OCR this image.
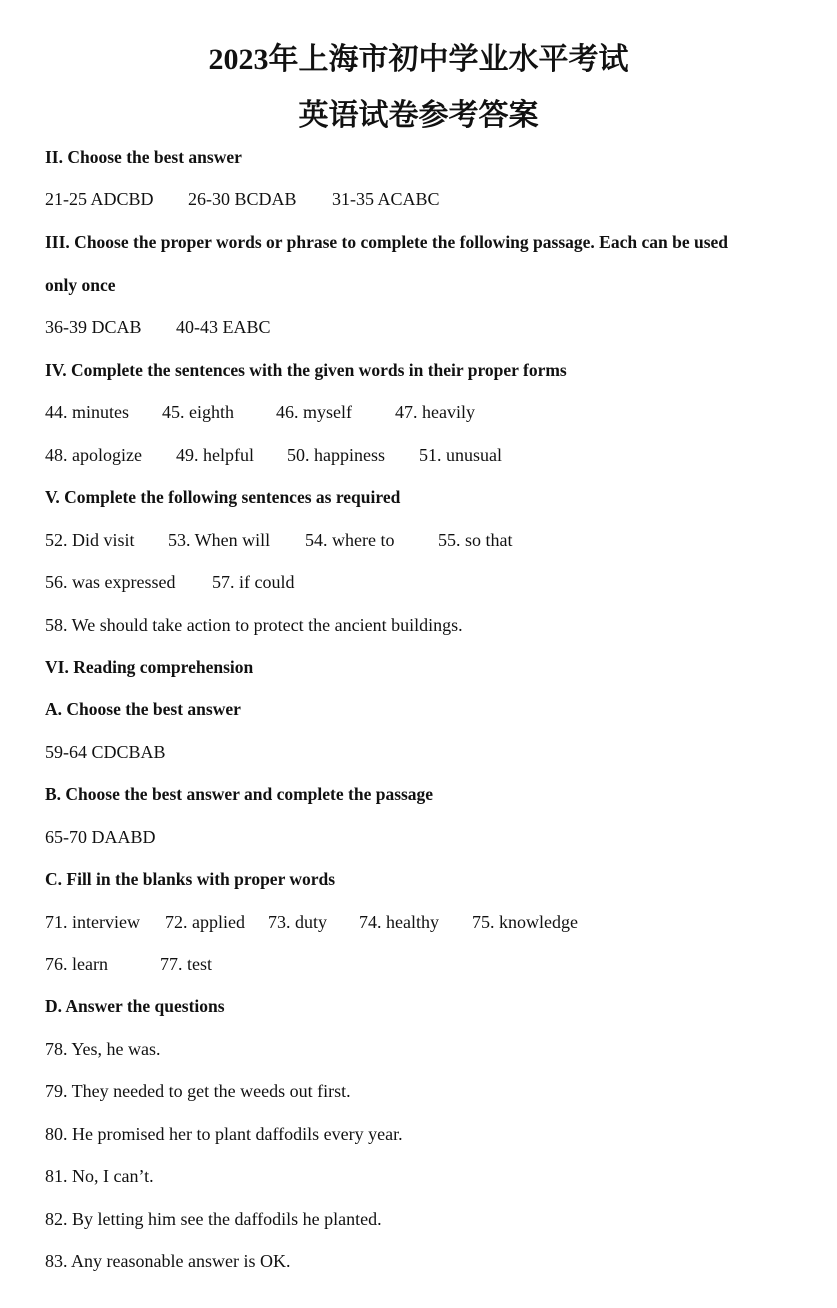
2023年上海市初中学业水平考试
英语试卷参考答案
II. Choose the best answer
21-25 ADCBD 26-30 BCDAB 31-35 ACABC
III. Choose the proper words or phrase to complete the following passage. Each can be used
only once
36-39 DCAB 40-43 EABC
IV. Complete the sentences with the given words in their proper forms
44. minutes 45. eighth 46. myself 47. heavily
48. apologize 49. helpful 50. happiness 51. unusual
V. Complete the following sentences as required
52. Did visit 53. When will 54. where to 55. so that
56. was expressed 57. if could
58. We should take action to protect the ancient buildings.
VI. Reading comprehension
A. Choose the best answer
59-64 CDCBAB
B. Choose the best answer and complete the passage
65-70 DAABD
C. Fill in the blanks with proper words
71. interview 72. applied 73. duty 74. healthy 75. knowledge
76. learn	77. test
D. Answer the questions
78. Yes, he was.
79. They needed to get the weeds out first.
80. He promised her to plant daffodils every year.
81. No, I can’t.
82. By letting him see the daffodils he planted.
83. Any reasonable answer is OK.
